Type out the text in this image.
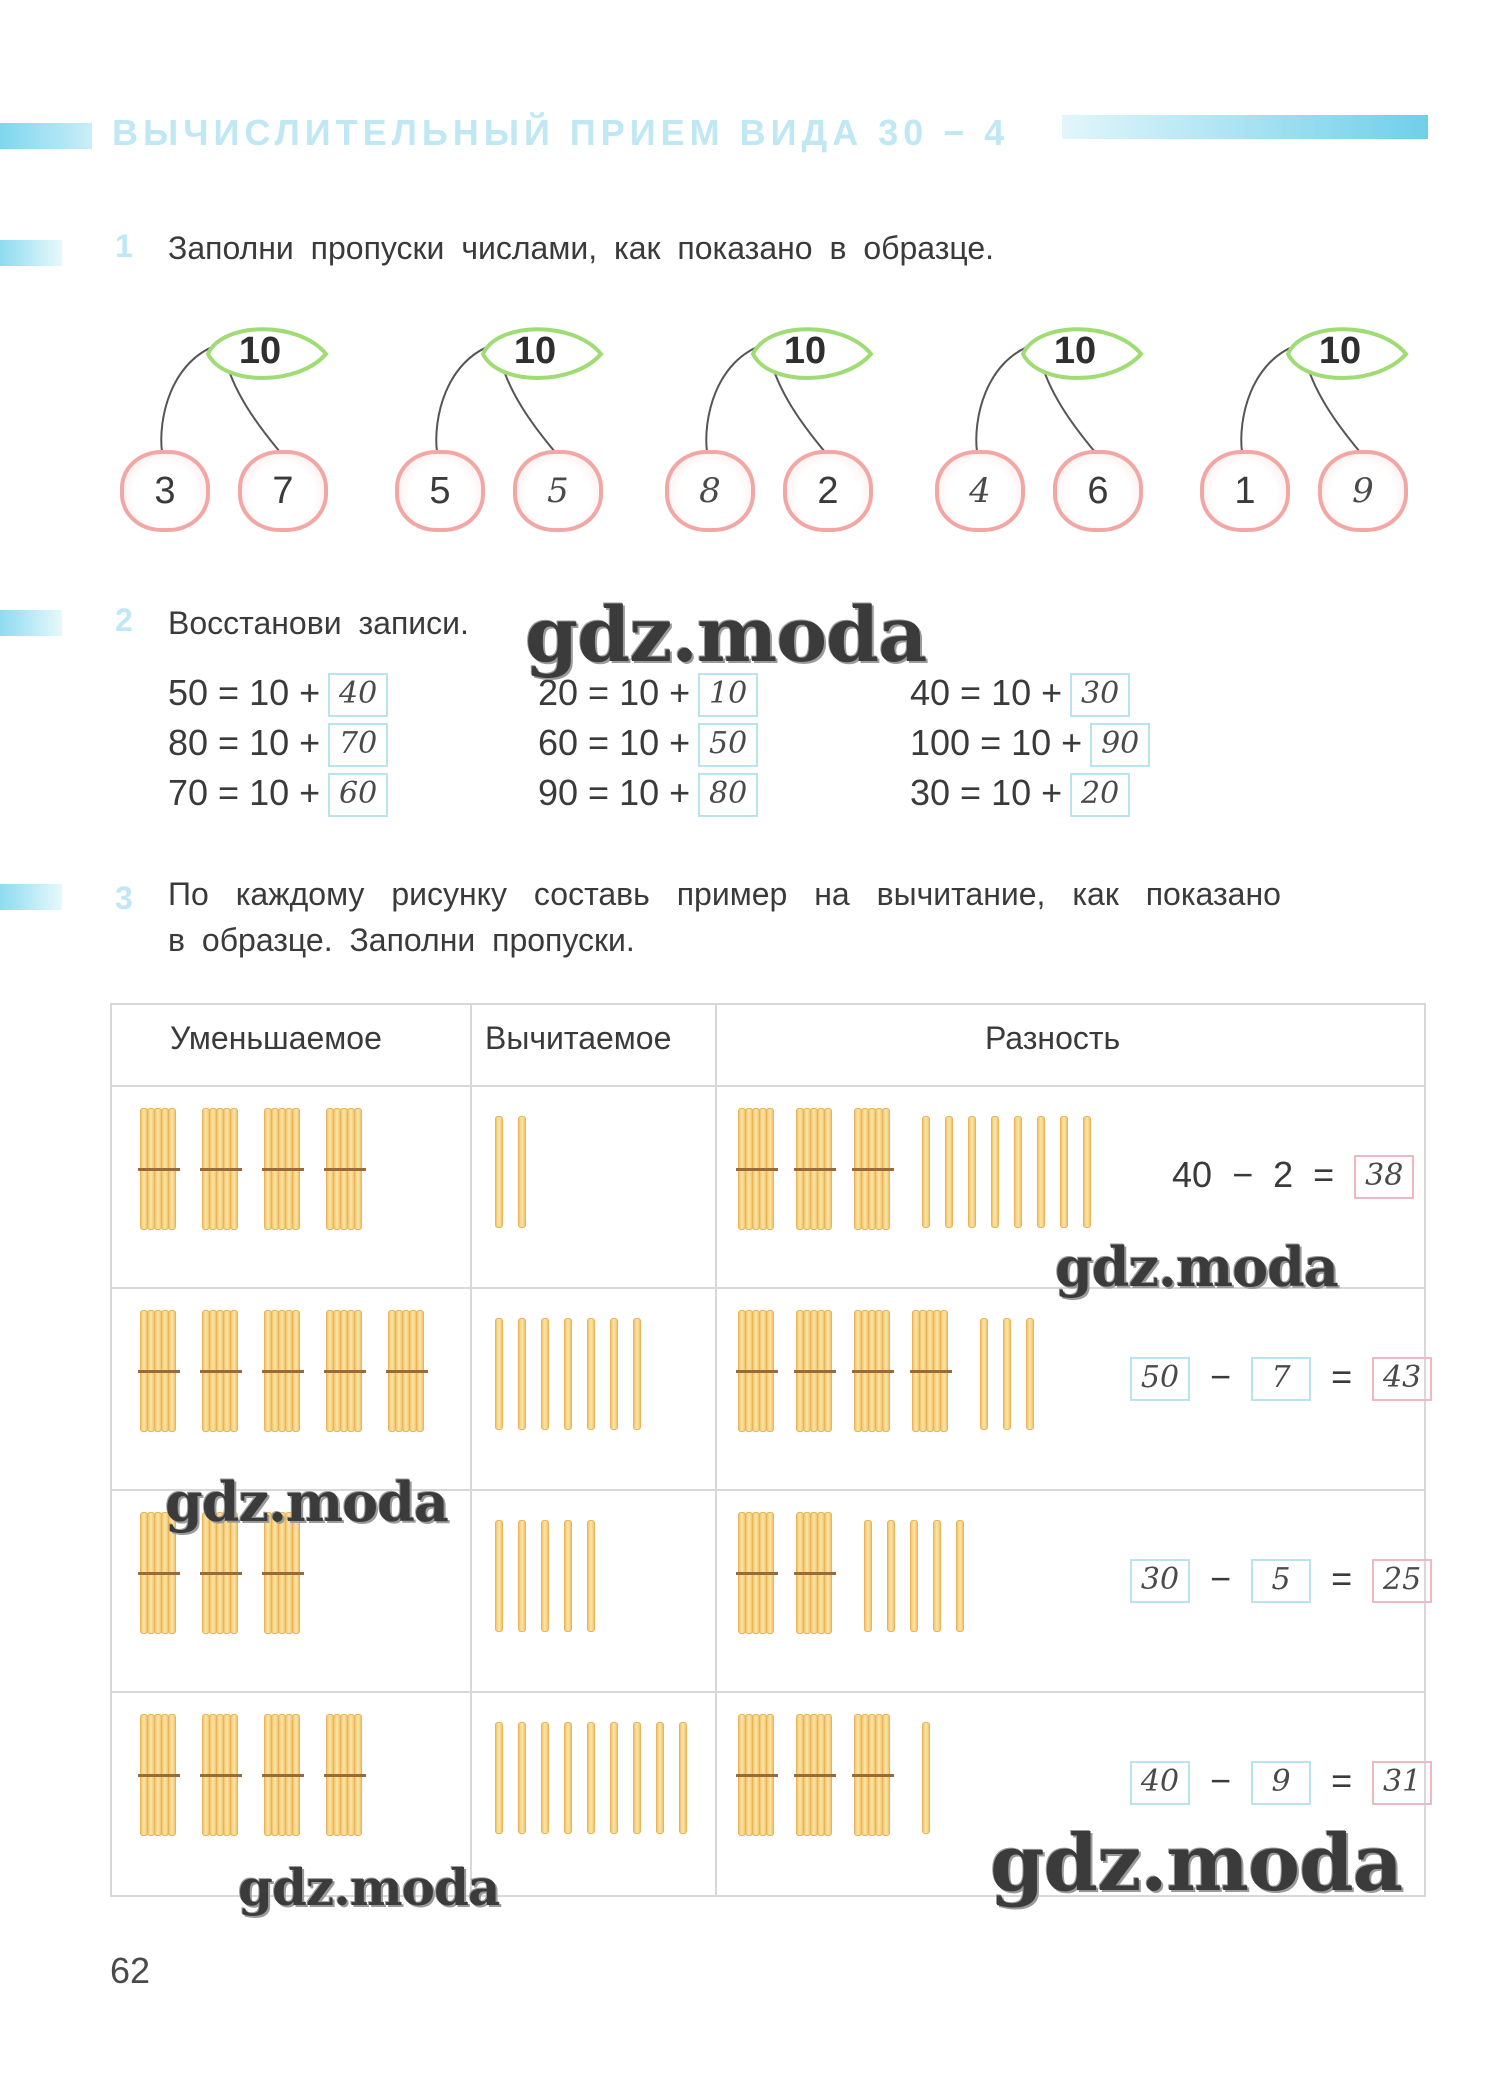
ВЫЧИСЛИТЕЛЬНЫЙ ПРИЕМ ВИДА 30 − 4
1 Заполни пропуски числами, как показано в образце.
10
3	7
10
5	5
10
8	2
10
4	6
10
1	9
2 Восстанови записи.
50 = 10 + 40
80 = 10 + 70
70 = 10 + 60
20 = 10 + 10
60 = 10 + 50
90 = 10 + 80
40 = 10 + 30
100 = 10 + 90
30 = 10 + 20
3 По каждому рисунку составь пример на вычитание, как показано
в образце. Заполни пропуски.
Уменьшаемое	Вычитаемое	Разность
40 − 2 = 38
50 − 7 = 43
30 − 5 = 25
40 − 9 = 31
gdz.moda
gdz.moda
gdz.moda
gdz.moda	gdz.moda
62
